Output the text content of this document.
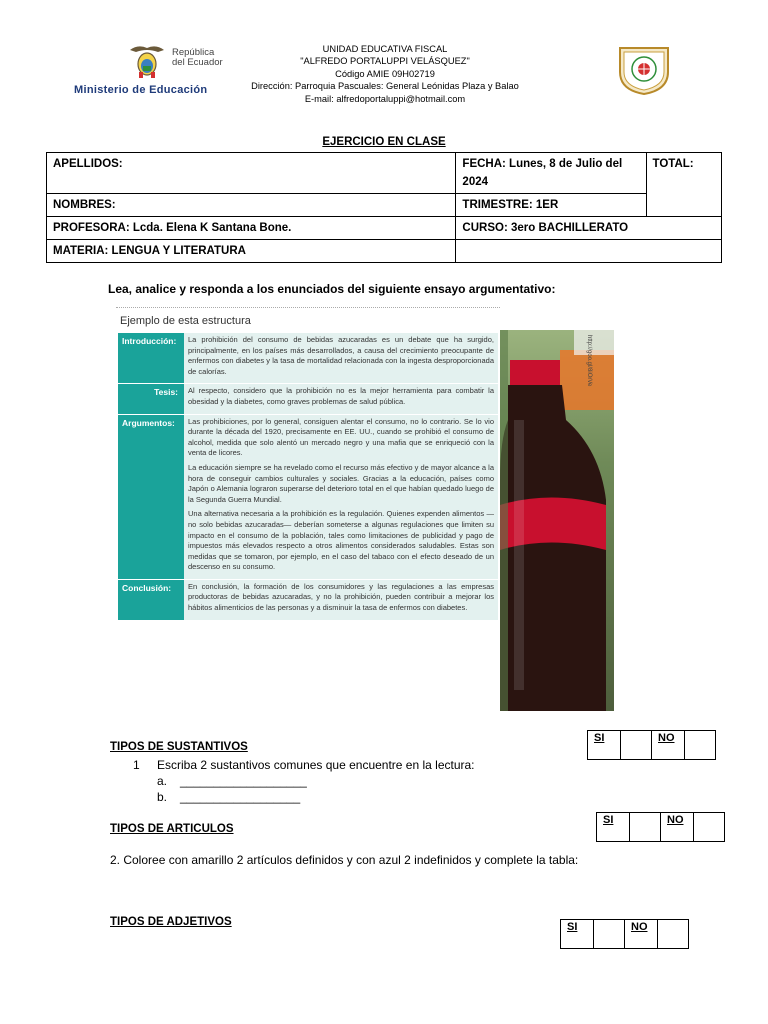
República
del Ecuador
Ministerio de Educación
UNIDAD EDUCATIVA FISCAL
"ALFREDO PORTALUPPI VELÁSQUEZ"
Código AMIE 09H02719
Dirección: Parroquia Pascuales: General Leónidas Plaza y Balao
E-mail: alfredoportaluppi@hotmail.com
EJERCICIO EN CLASE
APELLIDOS:	FECHA: Lunes, 8 de Julio del 2024	TOTAL:
NOMBRES:	TRIMESTRE: 1ER	
PROFESORA: Lcda. Elena K Santana Bone.	CURSO: 3ero BACHILLERATO	
MATERIA: LENGUA Y LITERATURA		
Lea, analice y responda a los enunciados del siguiente ensayo argumentativo:
Ejemplo de esta estructura
Introducción:	La prohibición del consumo de bebidas azucaradas es un debate que ha surgido, principalmente, en los países más desarrollados, a causa del crecimiento preocupante de enfermos con diabetes y la tasa de mortalidad relacionada con la ingesta desproporcionada de calorías.

Tesis:	Al respecto, considero que la prohibición no es la mejor herramienta para combatir la obesidad y la diabetes, como graves problemas de salud pública.

Argumentos:	Las prohibiciones, por lo general, consiguen alentar el consumo, no lo contrario. Se lo vio durante la década del 1920, precisamente en EE. UU., cuando se prohibió el consumo de alcohol, medida que solo alentó un mercado negro y una mafia que se enriqueció con la venta de licores.

La educación siempre se ha revelado como el recurso más efectivo y de mayor alcance a la hora de conseguir cambios culturales y sociales. Gracias a la educación, países como Japón o Alemania lograron superarse del deterioro total en el que habían quedado luego de la Segunda Guerra Mundial.

Una alternativa necesaria a la prohibición es la regulación. Quienes expenden alimentos —no solo bebidas azucaradas— deberían someterse a algunas regulaciones que limiten su impacto en el consumo de la población, tales como limitaciones de publicidad y pago de impuestos más elevados respecto a otros alimentos considerados saludables. Estas son medidas que se tomaron, por ejemplo, en el caso del tabaco con el efecto deseado de un descenso en su consumo.

Conclusión:	En conclusión, la formación de los consumidores y las regulaciones a las empresas productoras de bebidas azucaradas, y no la prohibición, pueden contribuir a mejorar los hábitos alimenticios de las personas y a disminuir la tasa de enfermos con diabetes.

http://goo.gl/8iOrVe
TIPOS DE SUSTANTIVOS
1 Escriba 2 sustantivos comunes que encuentre en la lectura:
a. ___________________
b. __________________
SI		NO	
TIPOS DE ARTICULOS
SI		NO	
2. Coloree con amarillo 2 artículos definidos y con azul 2 indefinidos y complete la tabla:
TIPOS DE ADJETIVOS	SI		NO	
